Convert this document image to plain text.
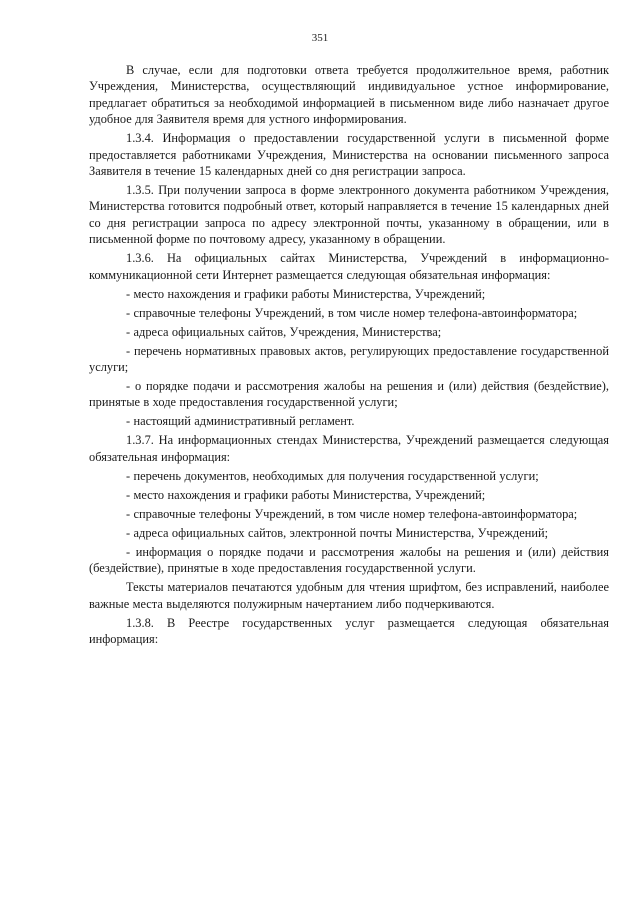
351

В случае, если для подготовки ответа требуется продолжительное время, работник Учреждения, Министерства, осуществляющий индивидуальное устное информирование, предлагает обратиться за необходимой информацией в письменном виде либо назначает другое удобное для Заявителя время для устного информирования.

1.3.4. Информация о предоставлении государственной услуги в письменной форме предоставляется работниками Учреждения, Министерства на основании письменного запроса Заявителя в течение 15 календарных дней со дня регистрации запроса.

1.3.5. При получении запроса в форме электронного документа работником Учреждения, Министерства готовится подробный ответ, который направляется в течение 15 календарных дней со дня регистрации запроса по адресу электронной почты, указанному в обращении, или в письменной форме по почтовому адресу, указанному в обращении.

1.3.6. На официальных сайтах Министерства, Учреждений в информационно-коммуникационной сети Интернет размещается следующая обязательная информация:

- место нахождения и графики работы Министерства, Учреждений;

- справочные телефоны Учреждений, в том числе номер телефона-автоинформатора;

- адреса официальных сайтов, Учреждения, Министерства;

- перечень нормативных правовых актов, регулирующих предоставление государственной услуги;

- о порядке подачи и рассмотрения жалобы на решения и (или) действия (бездействие), принятые в ходе предоставления государственной услуги;

- настоящий административный регламент.

1.3.7. На информационных стендах Министерства, Учреждений размещается следующая обязательная информация:

- перечень документов, необходимых для получения государственной услуги;

- место нахождения и графики работы Министерства, Учреждений;

- справочные телефоны Учреждений, в том числе номер телефона-автоинформатора;

- адреса официальных сайтов, электронной почты Министерства, Учреждений;

- информация о порядке подачи и рассмотрения жалобы на решения и (или) действия (бездействие), принятые в ходе предоставления государственной услуги.

Тексты материалов печатаются удобным для чтения шрифтом, без исправлений, наиболее важные места выделяются полужирным начертанием либо подчеркиваются.

1.3.8. В Реестре государственных услуг размещается следующая обязательная информация:
